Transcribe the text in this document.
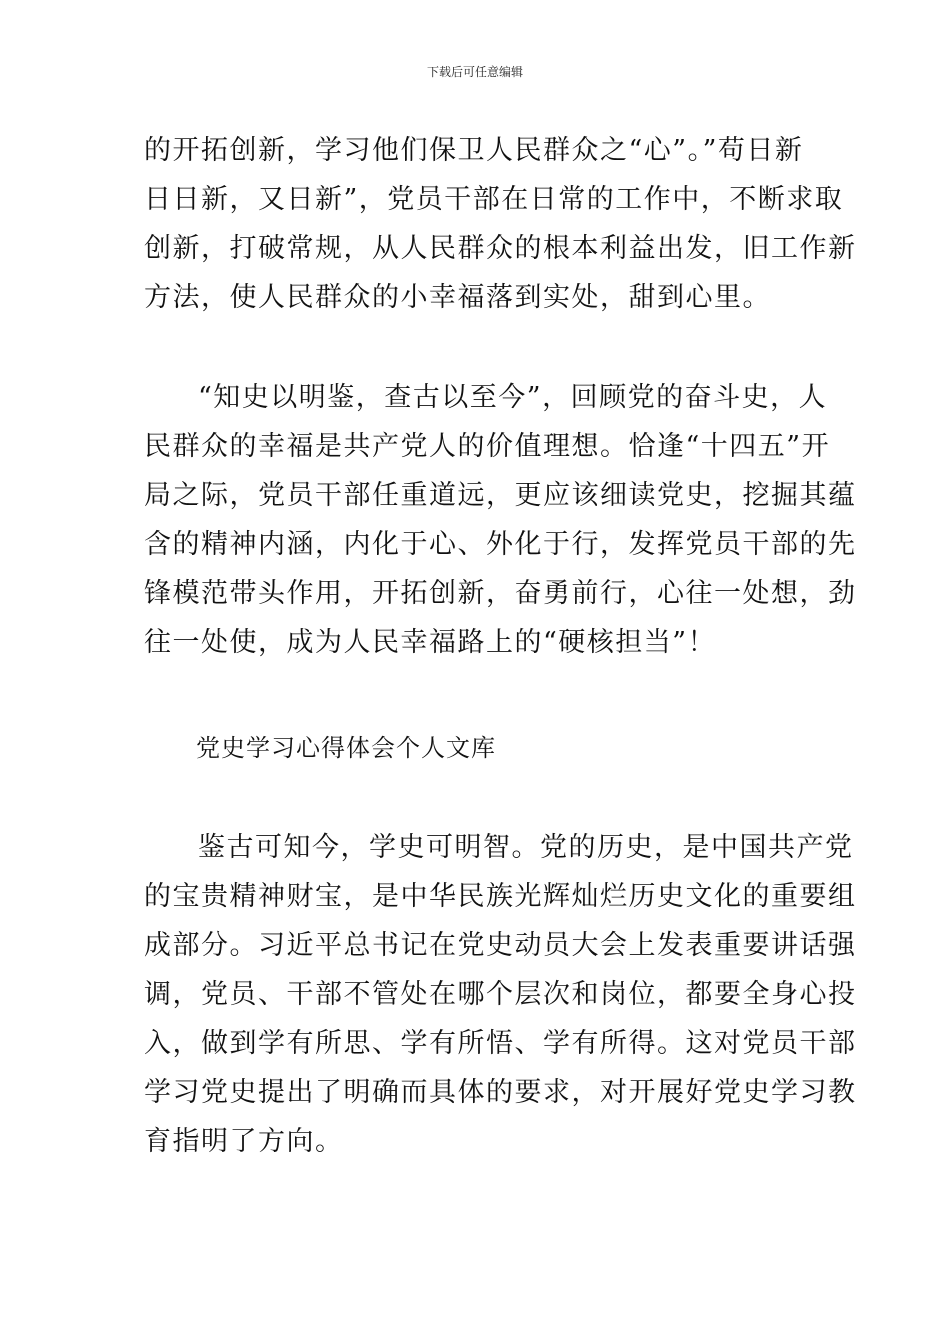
下载后可任意编辑
的开拓创新，学习他们保卫人民群众之“心”。”苟日新
日日新，又日新”，党员干部在日常的工作中，不断求取
创新，打破常规，从人民群众的根本利益出发，旧工作新
方法，使人民群众的小幸福落到实处，甜到心里。
“知史以明鉴，查古以至今”，回顾党的奋斗史，人
民群众的幸福是共产党人的价值理想。恰逢“十四五”开
局之际，党员干部任重道远，更应该细读党史，挖掘其蕴
含的精神内涵，内化于心、外化于行，发挥党员干部的先
锋模范带头作用，开拓创新，奋勇前行，心往一处想，劲
往一处使，成为人民幸福路上的“硬核担当”！
党史学习心得体会个人文库
鉴古可知今，学史可明智。党的历史，是中国共产党
的宝贵精神财宝，是中华民族光辉灿烂历史文化的重要组
成部分。习近平总书记在党史动员大会上发表重要讲话强
调，党员、干部不管处在哪个层次和岗位，都要全身心投
入，做到学有所思、学有所悟、学有所得。这对党员干部
学习党史提出了明确而具体的要求，对开展好党史学习教
育指明了方向。
